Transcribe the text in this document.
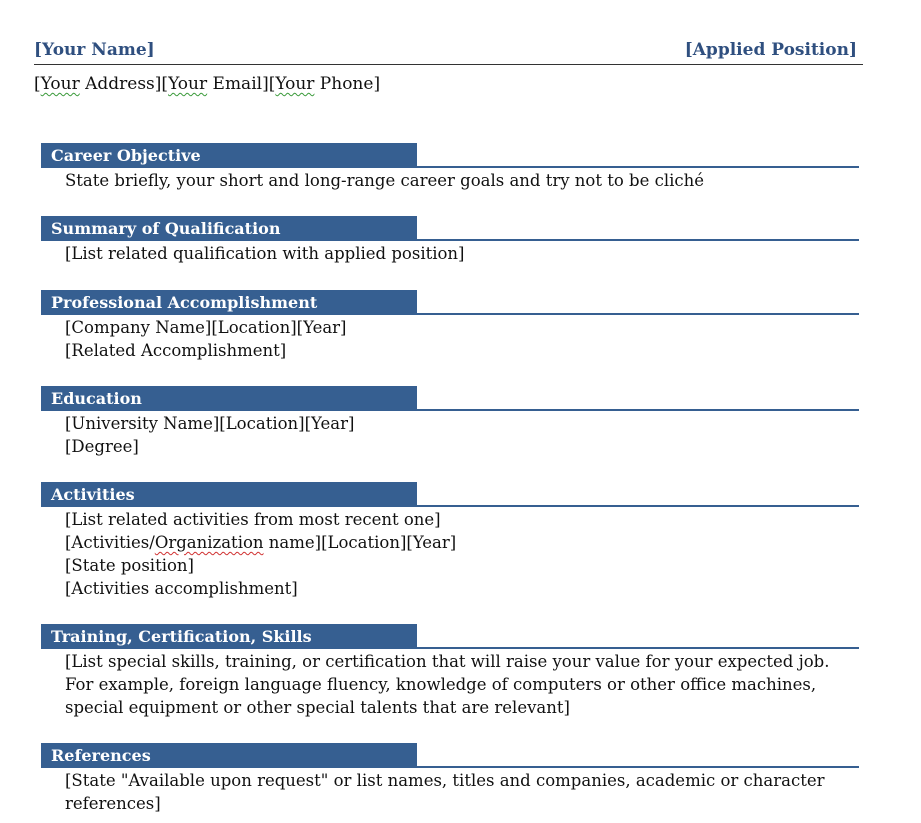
[Your Name]	[Applied Position]
[Your Address][Your Email][Your Phone]
Career Objective
State briefly, your short and long-range career goals and try not to be cliché
Summary of Qualification
[List related qualification with applied position]
Professional Accomplishment
[Company Name][Location][Year]
[Related Accomplishment]
Education
[University Name][Location][Year]
[Degree]
Activities
[List related activities from most recent one]
[Activities/Organization name][Location][Year]
[State position]
[Activities accomplishment]
Training, Certification, Skills
[List special skills, training, or certification that will raise your value for your expected job. For example, foreign language fluency, knowledge of computers or other office machines, special equipment or other special talents that are relevant]
References
[State "Available upon request" or list names, titles and companies, academic or character references]
